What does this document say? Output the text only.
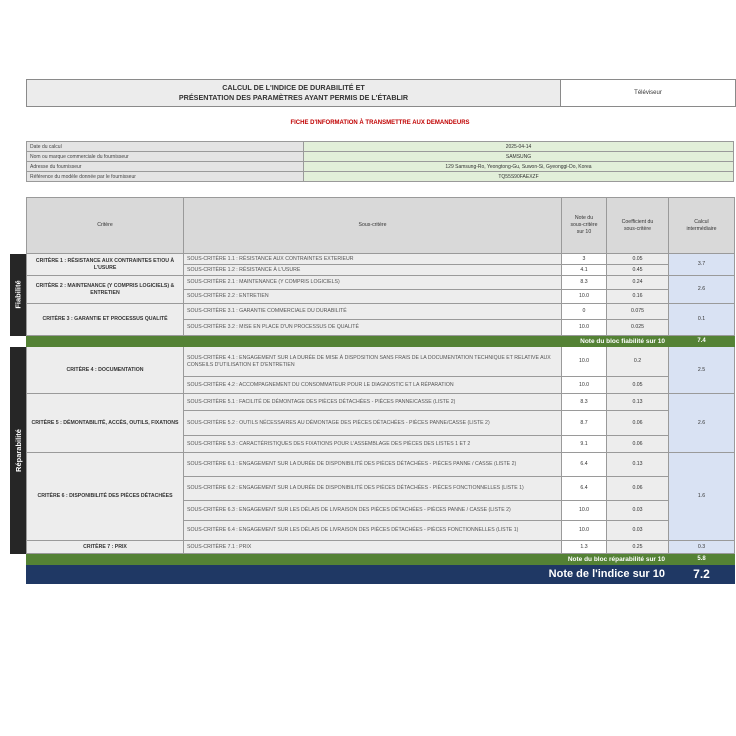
CALCUL DE L'INDICE DE DURABILITÉ ET
PRÉSENTATION DES PARAMÈTRES AYANT PERMIS DE L'ÉTABLIR	Téléviseur
FICHE D'INFORMATION À TRANSMETTRE AUX DEMANDEURS
Date du calcul	2025-04-14
Nom ou marque commerciale du fournisseur	SAMSUNG
Adresse du fournisseur	129 Samsung-Ro, Yeongtong-Gu, Suwon-Si, Gyeonggi-Do, Korea
Référence du modèle donnée par le fournisseur	TQ55S90FAEXZF
Critère	Sous-critère	Note du
sous-critère
sur 10	Coefficient du
sous-critère	Calcul
intermédiaire
CRITÈRE 1 : RÉSISTANCE AUX CONTRAINTES ET/OU À L'USURE	SOUS-CRITÈRE 1.1 : RÉSISTANCE AUX CONTRAINTES EXTERIEUR	3	0.05	3.7
	SOUS-CRITÈRE 1.2 : RÉSISTANCE À L'USURE	4.1	0.45	
CRITÈRE 2 : MAINTENANCE (Y COMPRIS LOGICIELS) & ENTRETIEN	SOUS-CRITÈRE 2.1 : MAINTENANCE (Y COMPRIS LOGICIELS)	8.3	0.24	2.6
	SOUS-CRITÈRE 2.2 : ENTRETIEN	10.0	0.16	
CRITÈRE 3 : GARANTIE ET PROCESSUS QUALITÉ	SOUS-CRITÈRE 3.1 : GARANTIE COMMERCIALE DU DURABILITÉ	0	0.075	0.1
	SOUS-CRITÈRE 3.2 : MISE EN PLACE D'UN PROCESSUS DE QUALITÉ	10.0	0.025	
Note du bloc fiabilité sur 10				7.4
CRITÈRE 4 : DOCUMENTATION	SOUS-CRITÈRE 4.1 : ENGAGEMENT SUR LA DURÉE DE MISE À DISPOSITION SANS FRAIS DE LA DOCUMENTATION TECHNIQUE ET RELATIVE AUX CONSEILS D'UTILISATION ET D'ENTRETIEN	10.0	0.2	2.5
	SOUS-CRITÈRE 4.2 : ACCOMPAGNEMENT DU CONSOMMATEUR POUR LE DIAGNOSTIC ET LA RÉPARATION	10.0	0.05	
CRITÈRE 5 : DÉMONTABILITÉ, ACCÈS, OUTILS, FIXATIONS	SOUS-CRITÈRE 5.1 : FACILITÉ DE DÉMONTAGE DES PIÈCES DÉTACHÉES - PIÈCES PANNE/CASSE (LISTE 2)	8.3	0.13	2.6
	SOUS-CRITÈRE 5.2 : OUTILS NÉCESSAIRES AU DÉMONTAGE DES PIÈCES DÉTACHÉES - PIÈCES PANNE/CASSE (LISTE 2)	8.7	0.06	
	SOUS-CRITÈRE 5.3 : CARACTÉRISTIQUES DES FIXATIONS POUR L'ASSEMBLAGE DES PIÈCES DES LISTES 1 ET 2	9.1	0.06	
CRITÈRE 6 : DISPONIBILITÉ DES PIÈCES DÉTACHÉES	SOUS-CRITÈRE 6.1 : ENGAGEMENT SUR LA DURÉE DE DISPONIBILITÉ DES PIÈCES DÉTACHÉES - PIÈCES PANNE / CASSE (LISTE 2)	6.4	0.13	1.6
	SOUS-CRITÈRE 6.2 : ENGAGEMENT SUR LA DURÉE DE DISPONIBILITÉ DES PIÈCES DÉTACHÉES - PIÈCES FONCTIONNELLES (LISTE 1)	6.4	0.06	
	SOUS-CRITÈRE 6.3 : ENGAGEMENT SUR LES DÉLAIS DE LIVRAISON DES PIÈCES DÉTACHÉES - PIÈCES PANNE / CASSE (LISTE 2)	10.0	0.03	
	SOUS-CRITÈRE 6.4 : ENGAGEMENT SUR LES DÉLAIS DE LIVRAISON DES PIÈCES DÉTACHÉES - PIÈCES FONCTIONNELLES (LISTE 1)	10.0	0.03	
CRITÈRE 7 : PRIX	SOUS-CRITÈRE 7.1 : PRIX	1.3	0.25	0.3
Note du bloc réparabilité sur 10				5.8
Note de l'indice sur 10				7.2
Fiabilité
Réparabilité
